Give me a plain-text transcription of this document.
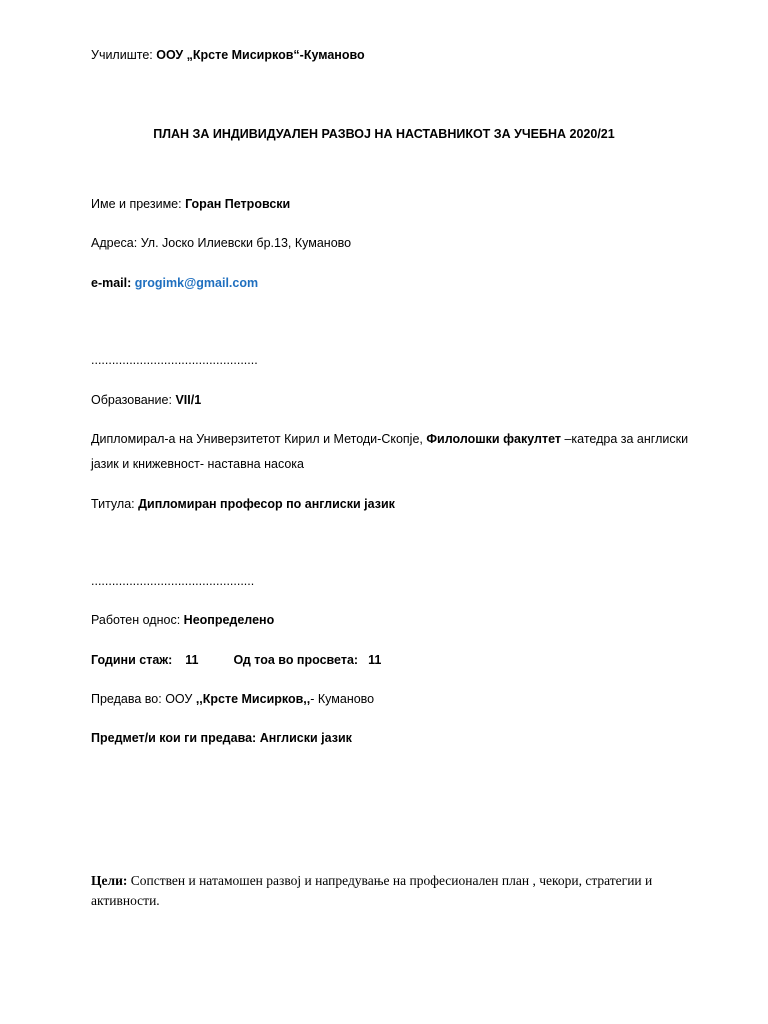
Училиште: ООУ „Крсте Мисирков“-Куманово
ПЛАН ЗА ИНДИВИДУАЛЕН РАЗВОЈ НА НАСТАВНИКОТ ЗА УЧЕБНА 2020/21
Име и презиме: Горан Петровски
Адреса: Ул. Јоско Илиевски бр.13, Куманово
e-mail: grogimk@gmail.com
................................................
Образование: VII/1
Дипломирал-а на Универзитетот Кирил и Методи-Скопје, Филолошки факултет –катедра за англиски
јазик и книжевност- наставна насока
Титула: Дипломиран професор по англиски јазик
...............................................
Работен однос: Неопределено
Години стаж: 11	Од тоа во просвета: 11
Предава во: ООУ ,,Крсте Мисирков,,- Куманово
Предмет/и кои ги предава: Англиски јазик
Цели: Сопствен и натамошен развој и напредување на професионален план , чекори, стратегии и
активности.
